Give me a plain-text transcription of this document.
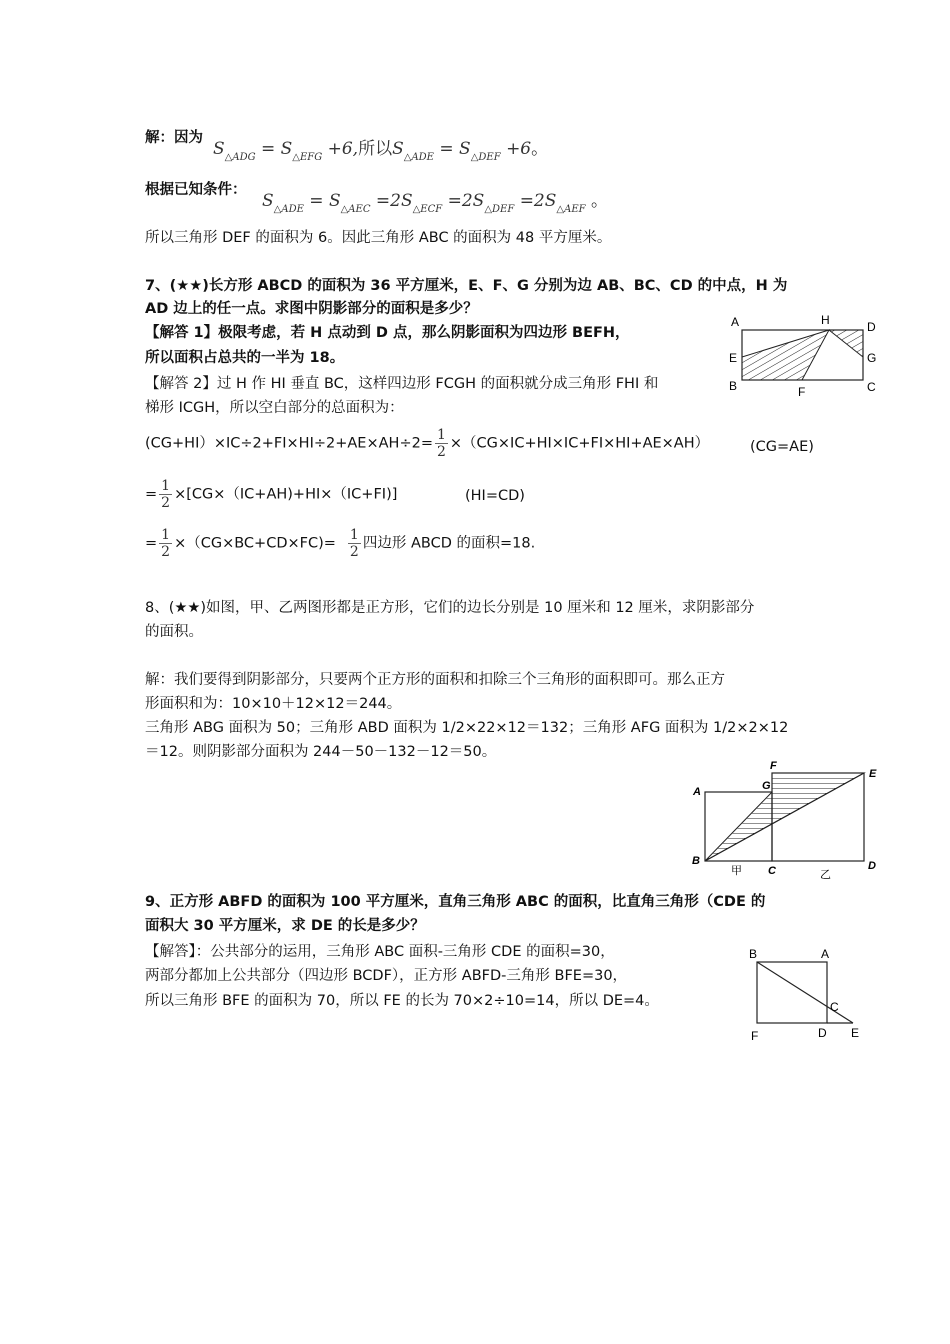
解：因为
$S_{\triangle ADG} = S_{\triangle EFG} +6$,所以$S_{\triangle ADE} = S_{\triangle DEF} +6$。
根据已知条件：
$S_{\triangle ADE} = S_{\triangle AEC} =2S_{\triangle ECF} =2S_{\triangle DEF} =2S_{\triangle AEF}$ 。
所以三角形 DEF 的面积为 6。因此三角形 ABC 的面积为 48 平方厘米。
7、(★★)长方形 ABCD 的面积为 36 平方厘米，E、F、G 分别为边 AB、BC、CD 的中点，H 为
AD 边上的任一点。求图中阴影部分的面积是多少？
【解答 1】极限考虑，若 H 点动到 D 点，那么阴影面积为四边形 BEFH，
所以面积占总共的一半为 18。
【解答 2】过 H 作 HI 垂直 BC，这样四边形 FCGH 的面积就分成三角形 FHI 和
梯形 ICGH，所以空白部分的总面积为：
$(CG+HI)\times IC\div 2+FI\times HI\div 2+AE\times AH\div 2= \frac{1}{2} \times(CG\times IC+HI\times IC+FI\times HI+AE\times AH)$	(CG=AE)
= $\frac{1}{2} \times[CG\times(IC+AH)+HI\times(IC+FI)]$	(HI=CD)
= $\frac{1}{2} \times(CG\times BC+CD\times FC)= \frac{1}{2}$ 四边形 ABCD 的面积=18.
A	H	D
E	G
B	F	C
8、(★★)如图，甲、乙两图形都是正方形，它们的边长分别是 10 厘米和 12 厘米，求阴影部分
的面积。
解：我们要得到阴影部分，只要两个正方形的面积和扣除三个三角形的面积即可。那么正方
形面积和为：10×10＋12×12＝244。
三角形 ABG 面积为 50；三角形 ABD 面积为 1/2×22×12＝132；三角形 AFG 面积为 1/2×2×12
＝12。则阴影部分面积为 244－50－132－12＝50。
F
G
E
A
B
甲 C	乙
D
9、正方形 ABFD 的面积为 100 平方厘米，直角三角形 ABC 的面积，比直角三角形（CDE 的
面积大 30 平方厘米，求 DE 的长是多少？
【解答】：公共部分的运用，三角形 ABC 面积-三角形 CDE 的面积=30，
两部分都加上公共部分（四边形 BCDF），正方形 ABFD-三角形 BFE=30，
所以三角形 BFE 的面积为 70，所以 FE 的长为 70×2÷10=14，所以 DE=4。
B	A
C
F	D E
